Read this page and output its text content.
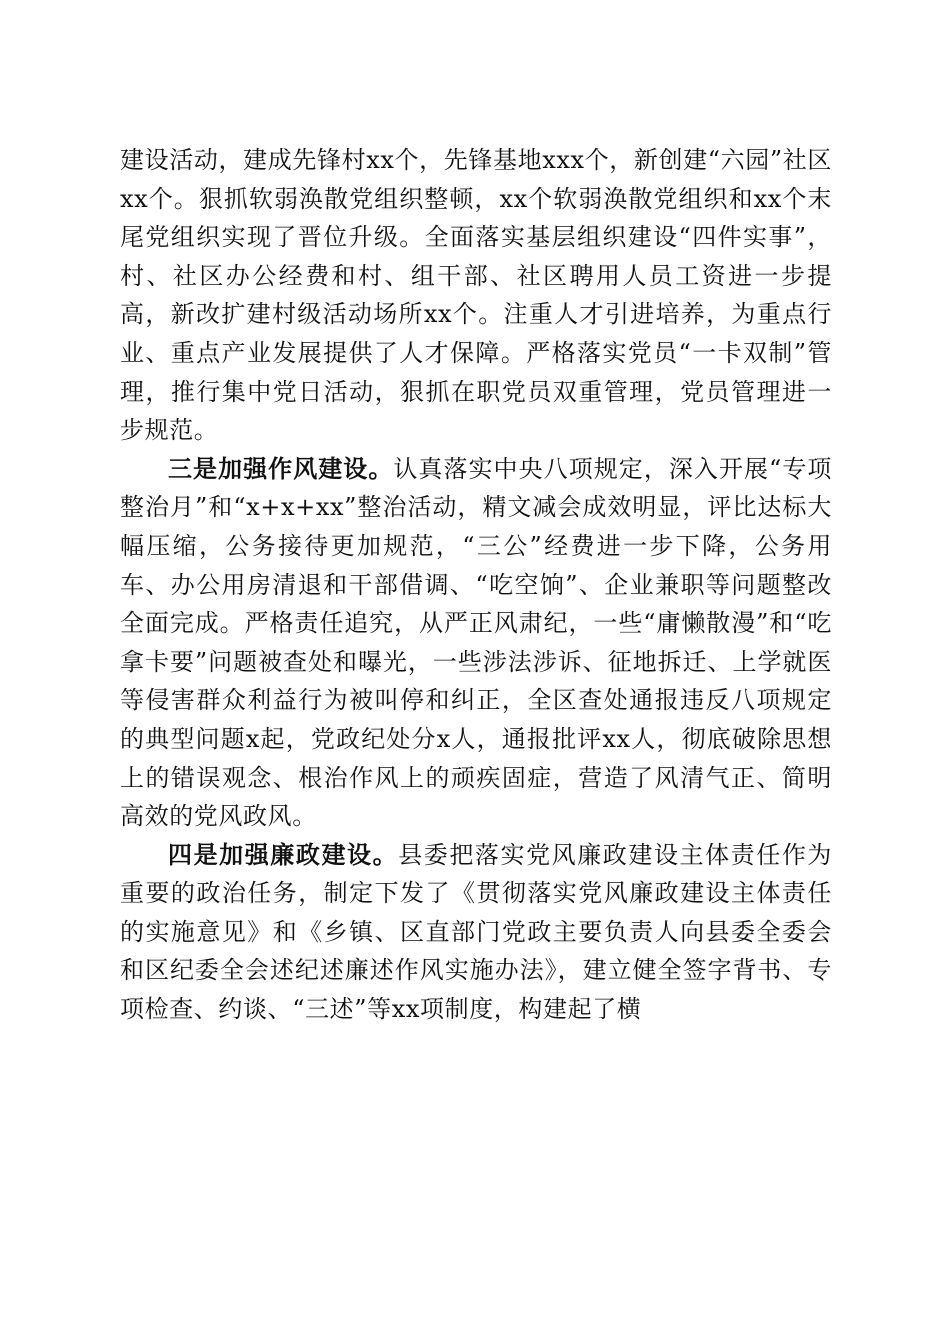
建设活动，建成先锋村xx个，先锋基地xxx个，新创建“六园”社区xx个。狠抓软弱涣散党组织整顿，xx个软弱涣散党组织和xx个末尾党组织实现了晋位升级。全面落实基层组织建设“四件实事”，村、社区办公经费和村、组干部、社区聘用人员工资进一步提高，新改扩建村级活动场所xx个。注重人才引进培养，为重点行业、重点产业发展提供了人才保障。严格落实党员“一卡双制”管理，推行集中党日活动，狠抓在职党员双重管理，党员管理进一步规范。

三是加强作风建设。认真落实中央八项规定，深入开展“专项整治月”和“x+x+xx”整治活动，精文减会成效明显，评比达标大幅压缩，公务接待更加规范，“三公”经费进一步下降，公务用车、办公用房清退和干部借调、“吃空饷”、企业兼职等问题整改全面完成。严格责任追究，从严正风肃纪，一些“庸懒散漫”和“吃拿卡要”问题被查处和曝光，一些涉法涉诉、征地拆迁、上学就医等侵害群众利益行为被叫停和纠正，全区查处通报违反八项规定的典型问题x起，党政纪处分x人，通报批评xx人，彻底破除思想上的错误观念、根治作风上的顽疾固症，营造了风清气正、简明高效的党风政风。

四是加强廉政建设。县委把落实党风廉政建设主体责任作为重要的政治任务，制定下发了《贯彻落实党风廉政建设主体责任的实施意见》和《乡镇、区直部门党政主要负责人向县委全委会和区纪委全会述纪述廉述作风实施办法》，建立健全签字背书、专项检查、约谈、“三述”等xx项制度，构建起了横
